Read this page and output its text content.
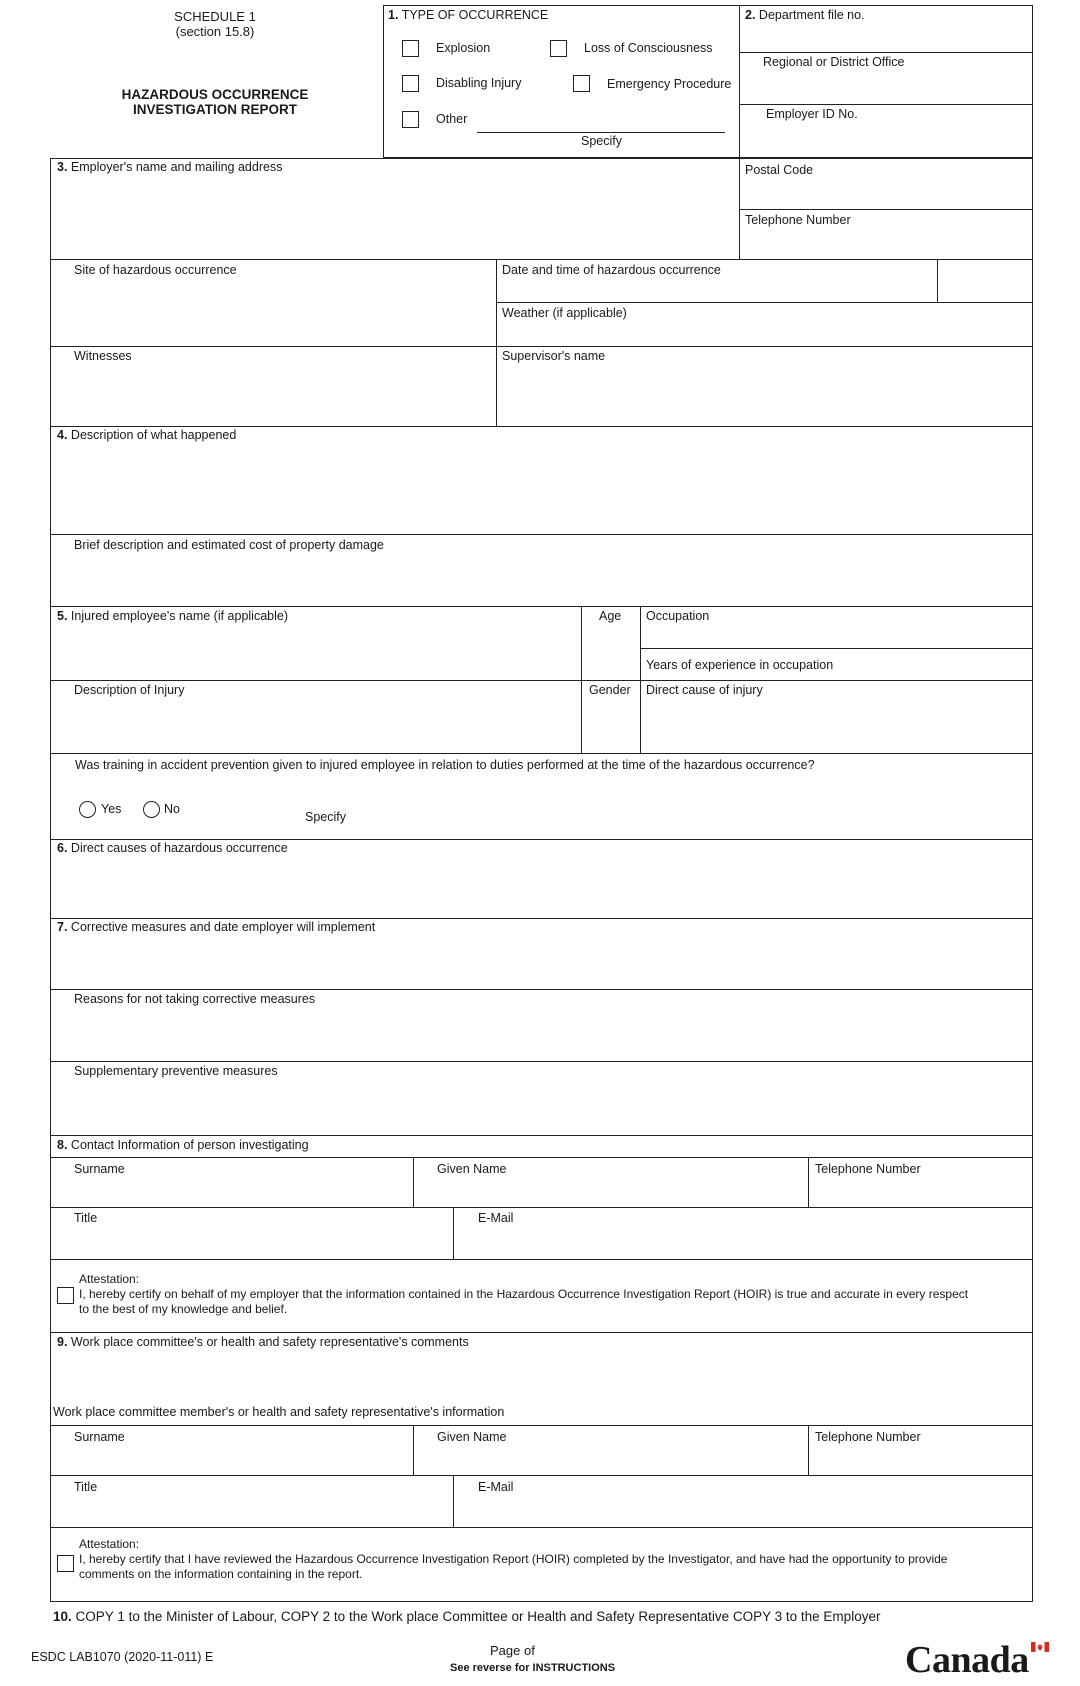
SCHEDULE 1
(section 15.8)
HAZARDOUS OCCURRENCE
INVESTIGATION REPORT
1. TYPE OF OCCURRENCE
Explosion	Loss of Consciousness
Disabling Injury	Emergency Procedure
Other
Specify
2. Department file no.
Regional or District Office
Employer ID No.
3. Employer's name and mailing address	Postal Code
Telephone Number
Site of hazardous occurrence	Date and time of hazardous occurrence
Weather (if applicable)
Witnesses	Supervisor's name
4. Description of what happened
Brief description and estimated cost of property damage
5. Injured employee's name (if applicable)	Age Occupation
Years of experience in occupation
Description of Injury	Gender Direct cause of injury
Was training in accident prevention given to injured employee in relation to duties performed at the time of the hazardous occurrence?
Yes	No
Specify
6. Direct causes of hazardous occurrence
7. Corrective measures and date employer will implement
Reasons for not taking corrective measures
Supplementary preventive measures
8. Contact Information of person investigating
Surname	Given Name	Telephone Number
Title	E-Mail
Attestation:
I, hereby certify on behalf of my employer that the information contained in the Hazardous Occurrence Investigation Report (HOIR) is true and accurate in every respect
to the best of my knowledge and belief.
9. Work place committee's or health and safety representative's comments
Work place committee member's or health and safety representative's information
Surname	Given Name	Telephone Number
Title	E-Mail
Attestation:
I, hereby certify that I have reviewed the Hazardous Occurrence Investigation Report (HOIR) completed by the Investigator, and have had the opportunity to provide
comments on the information containing in the report.
10. COPY 1 to the Minister of Labour, COPY 2 to the Work place Committee or Health and Safety Representative COPY 3 to the Employer
ESDC LAB1070 (2020-11-011) E	Page of
See reverse for INSTRUCTIONS	Canada
